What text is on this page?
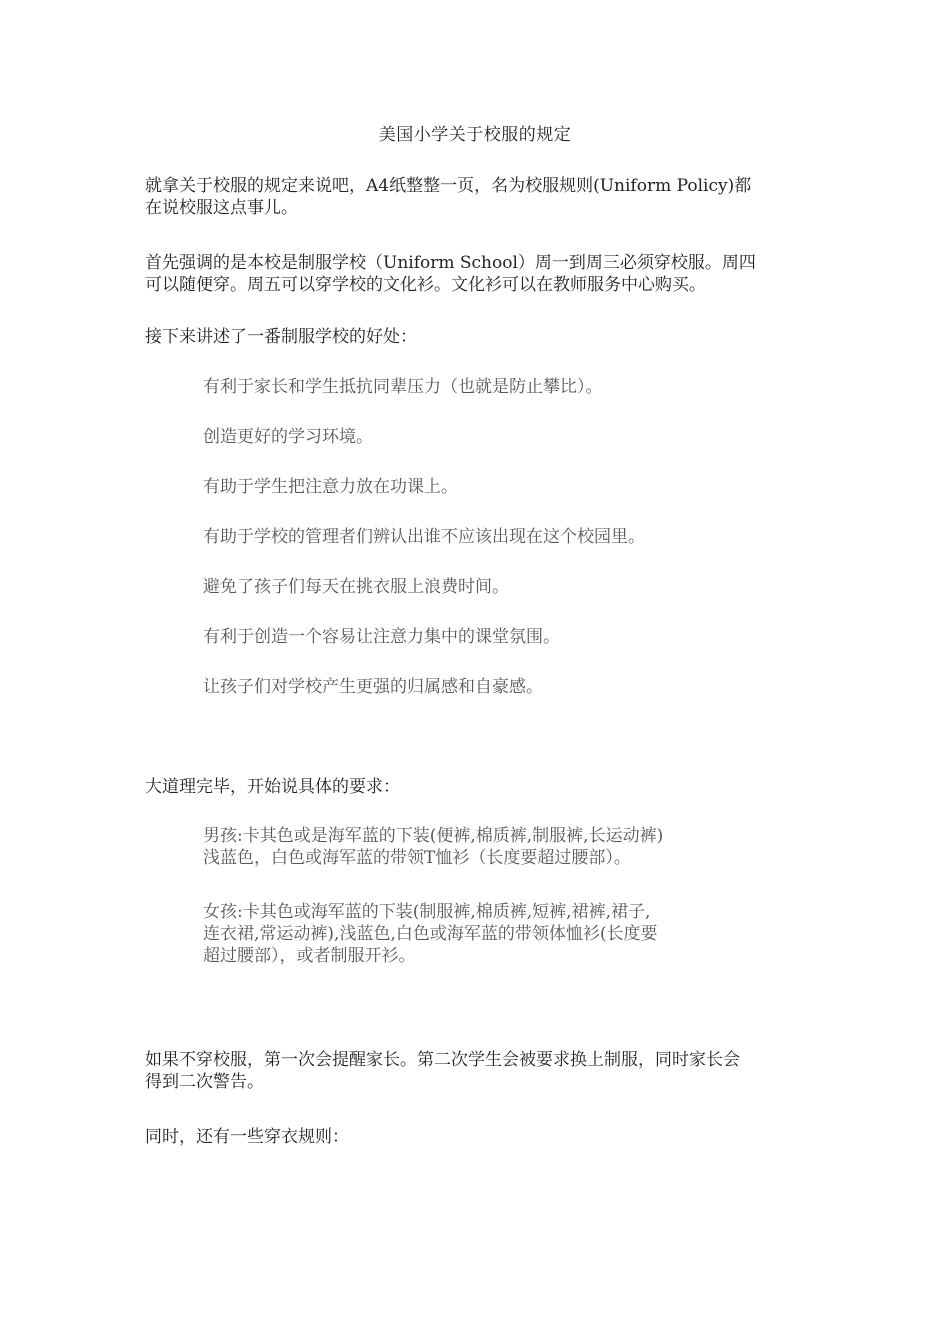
美国小学关于校服的规定

就拿关于校服的规定来说吧，A4纸整整一页，名为校服规则(Uniform Policy)都
在说校服这点事儿。

首先强调的是本校是制服学校（Uniform School）周一到周三必须穿校服。周四
可以随便穿。周五可以穿学校的文化衫。文化衫可以在教师服务中心购买。

接下来讲述了一番制服学校的好处：

有利于家长和学生抵抗同辈压力（也就是防止攀比）。

创造更好的学习环境。

有助于学生把注意力放在功课上。

有助于学校的管理者们辨认出谁不应该出现在这个校园里。

避免了孩子们每天在挑衣服上浪费时间。

有利于创造一个容易让注意力集中的课堂氛围。

让孩子们对学校产生更强的归属感和自豪感。

大道理完毕，开始说具体的要求：

男孩:卡其色或是海军蓝的下装(便裤,棉质裤,制服裤,长运动裤)
浅蓝色，白色或海军蓝的带领T恤衫（长度要超过腰部）。

女孩:卡其色或海军蓝的下装(制服裤,棉质裤,短裤,裙裤,裙子,
连衣裙,常运动裤),浅蓝色,白色或海军蓝的带领体恤衫(长度要
超过腰部），或者制服开衫。

如果不穿校服，第一次会提醒家长。第二次学生会被要求换上制服，同时家长会
得到二次警告。

同时，还有一些穿衣规则：
